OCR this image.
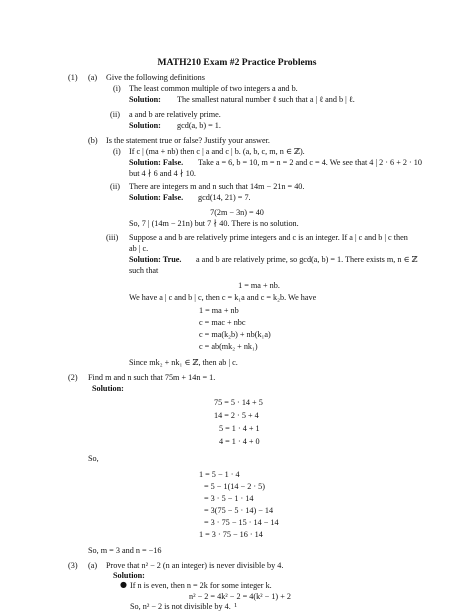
MATH210 Exam #2 Practice Problems
(1) (a) Give the following definitions
(i) The least common multiple of two integers a and b.
Solution: The smallest natural number ℓ such that a | ℓ and b | ℓ.
(ii) a and b are relatively prime.
Solution: gcd(a, b) = 1.
(b) Is the statement true or false? Justify your answer.
(i) If c | (ma + nb) then c | a and c | b. (a, b, c, m, n ∈ ℤ).
Solution: False. Take a = 6, b = 10, m = n = 2 and c = 4. We see that 4 | 2 · 6 + 2 · 10
but 4 ∤ 6 and 4 ∤ 10.
(ii) There are integers m and n such that 14m − 21n = 40.
Solution: False. gcd(14, 21) = 7.
7(2m − 3n) = 40
So, 7 | (14m − 21n) but 7 ∤ 40. There is no solution.
(iii) Suppose a and b are relatively prime integers and c is an integer. If a | c and b | c then
ab | c.
Solution: True. a and b are relatively prime, so gcd(a, b) = 1. There exists m, n ∈ ℤ
such that
1 = ma + nb.
We have a | c and b | c, then c = k₁a and c = k₂b. We have
1 = ma + nb
c = mac + nbc
c = ma(k₂b) + nb(k₁a)
c = ab(mk₂ + nk₁)
Since mk₂ + nk₁ ∈ ℤ, then ab | c.
(2) Find m and n such that 75m + 14n = 1.
Solution:
75 = 5 · 14 + 5
14 = 2 · 5 + 4
5 = 1 · 4 + 1
4 = 1 · 4 + 0
So,
1 = 5 − 1 · 4
= 5 − 1(14 − 2 · 5)
= 3 · 5 − 1 · 14
= 3(75 − 5 · 14) − 14
= 3 · 75 − 15 · 14 − 14
1 = 3 · 75 − 16 · 14
So, m = 3 and n = −16
(3) (a) Prove that n² − 2 (n an integer) is never divisible by 4.
Solution:
● If n is even, then n = 2k for some integer k.
n² − 2 = 4k² − 2 = 4(k² − 1) + 2
So, n² − 2 is not divisible by 4. 1
